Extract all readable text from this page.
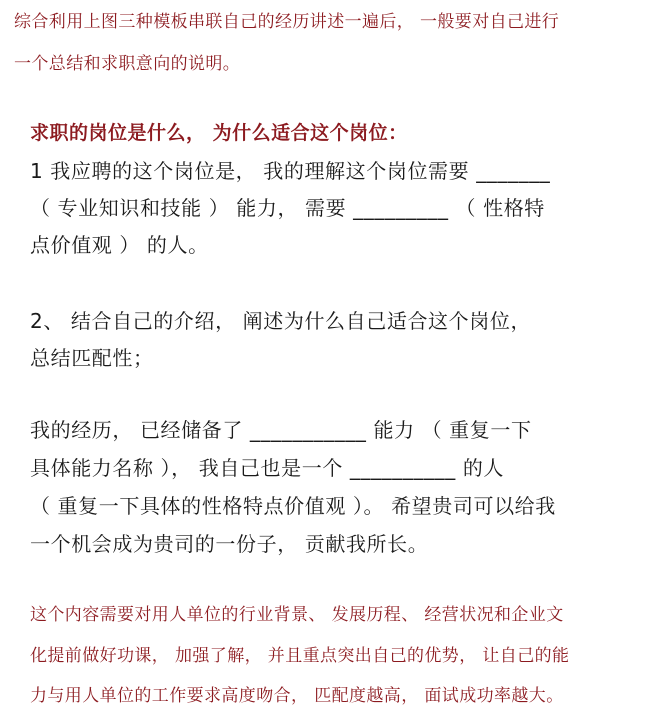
综合利用上图三种模板串联自己的经历讲述一遍后， 一般要对自己进行

一个总结和求职意向的说明。

求职的岗位是什么， 为什么适合这个岗位：

1 我应聘的这个岗位是， 我的理解这个岗位需要 _______

（ 专业知识和技能 ） 能力， 需要 _________ （ 性格特

点价值观 ） 的人。

2、 结合自己的介绍， 阐述为什么自己适合这个岗位，

总结匹配性；

我的经历， 已经储备了 ___________ 能力 （ 重复一下

具体能力名称 ）， 我自己也是一个 __________ 的人

（ 重复一下具体的性格特点价值观 ）。 希望贵司可以给我

一个机会成为贵司的一份子， 贡献我所长。

这个内容需要对用人单位的行业背景、 发展历程、 经营状况和企业文

化提前做好功课， 加强了解， 并且重点突出自己的优势， 让自己的能

力与用人单位的工作要求高度吻合， 匹配度越高， 面试成功率越大。
